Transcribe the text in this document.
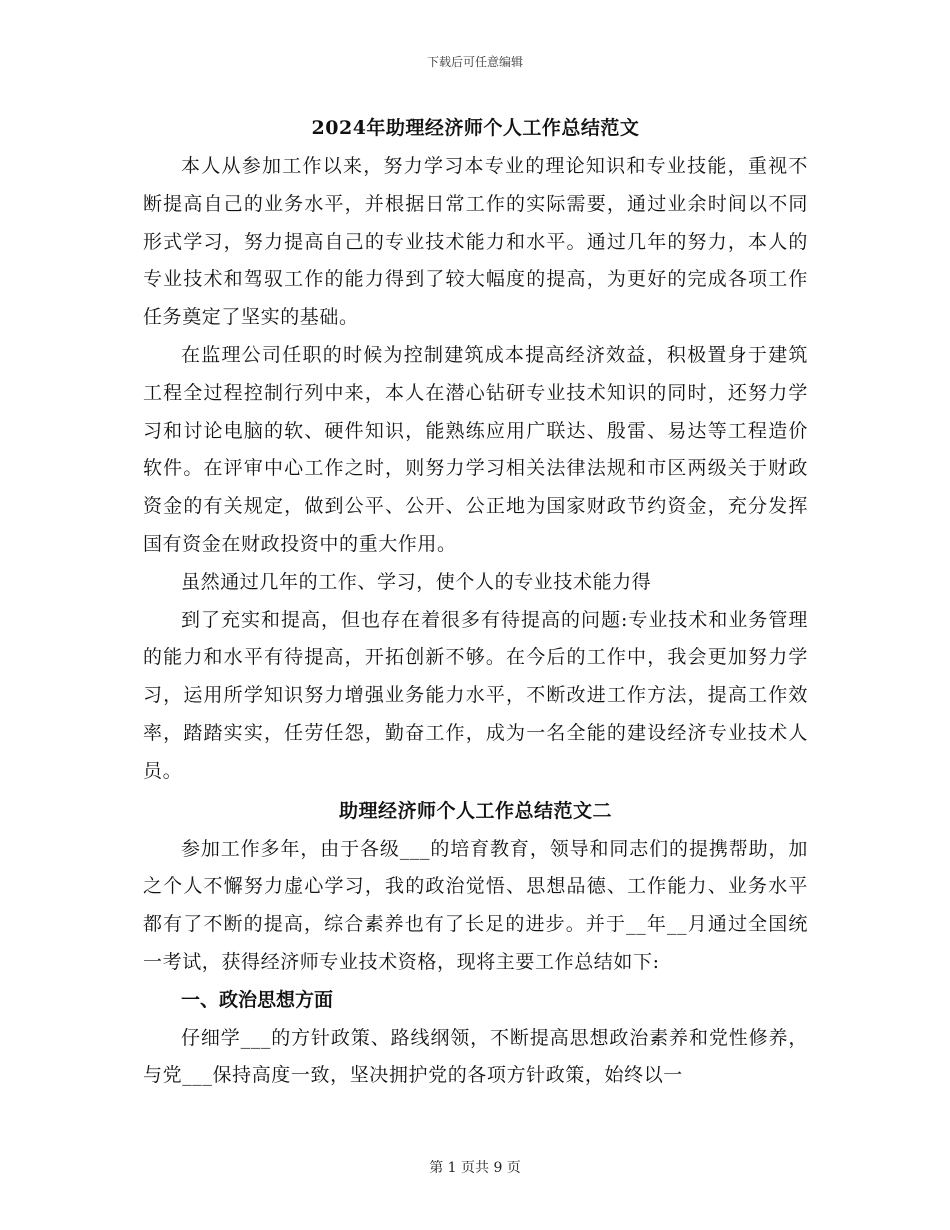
下载后可任意编辑
2024年助理经济师个人工作总结范文

本人从参加工作以来，努力学习本专业的理论知识和专业技能，重视不断提高自己的业务水平，并根据日常工作的实际需要，通过业余时间以不同形式学习，努力提高自己的专业技术能力和水平。通过几年的努力，本人的专业技术和驾驭工作的能力得到了较大幅度的提高，为更好的完成各项工作任务奠定了坚实的基础。

在监理公司任职的时候为控制建筑成本提高经济效益，积极置身于建筑工程全过程控制行列中来，本人在潜心钻研专业技术知识的同时，还努力学习和讨论电脑的软、硬件知识，能熟练应用广联达、殷雷、易达等工程造价软件。在评审中心工作之时，则努力学习相关法律法规和市区两级关于财政资金的有关规定，做到公平、公开、公正地为国家财政节约资金，充分发挥国有资金在财政投资中的重大作用。

虽然通过几年的工作、学习，使个人的专业技术能力得

到了充实和提高，但也存在着很多有待提高的问题:专业技术和业务管理的能力和水平有待提高，开拓创新不够。在今后的工作中，我会更加努力学习，运用所学知识努力增强业务能力水平，不断改进工作方法，提高工作效率，踏踏实实，任劳任怨，勤奋工作，成为一名全能的建设经济专业技术人员。

助理经济师个人工作总结范文二

参加工作多年，由于各级___的培育教育，领导和同志们的提携帮助，加之个人不懈努力虚心学习，我的政治觉悟、思想品德、工作能力、业务水平都有了不断的提高，综合素养也有了长足的进步。并于__年__月通过全国统一考试，获得经济师专业技术资格，现将主要工作总结如下:

一、政治思想方面

仔细学___的方针政策、路线纲领，不断提高思想政治素养和党性修养，与党___保持高度一致，坚决拥护党的各项方针政策，始终以一

第 1 页共 9 页
